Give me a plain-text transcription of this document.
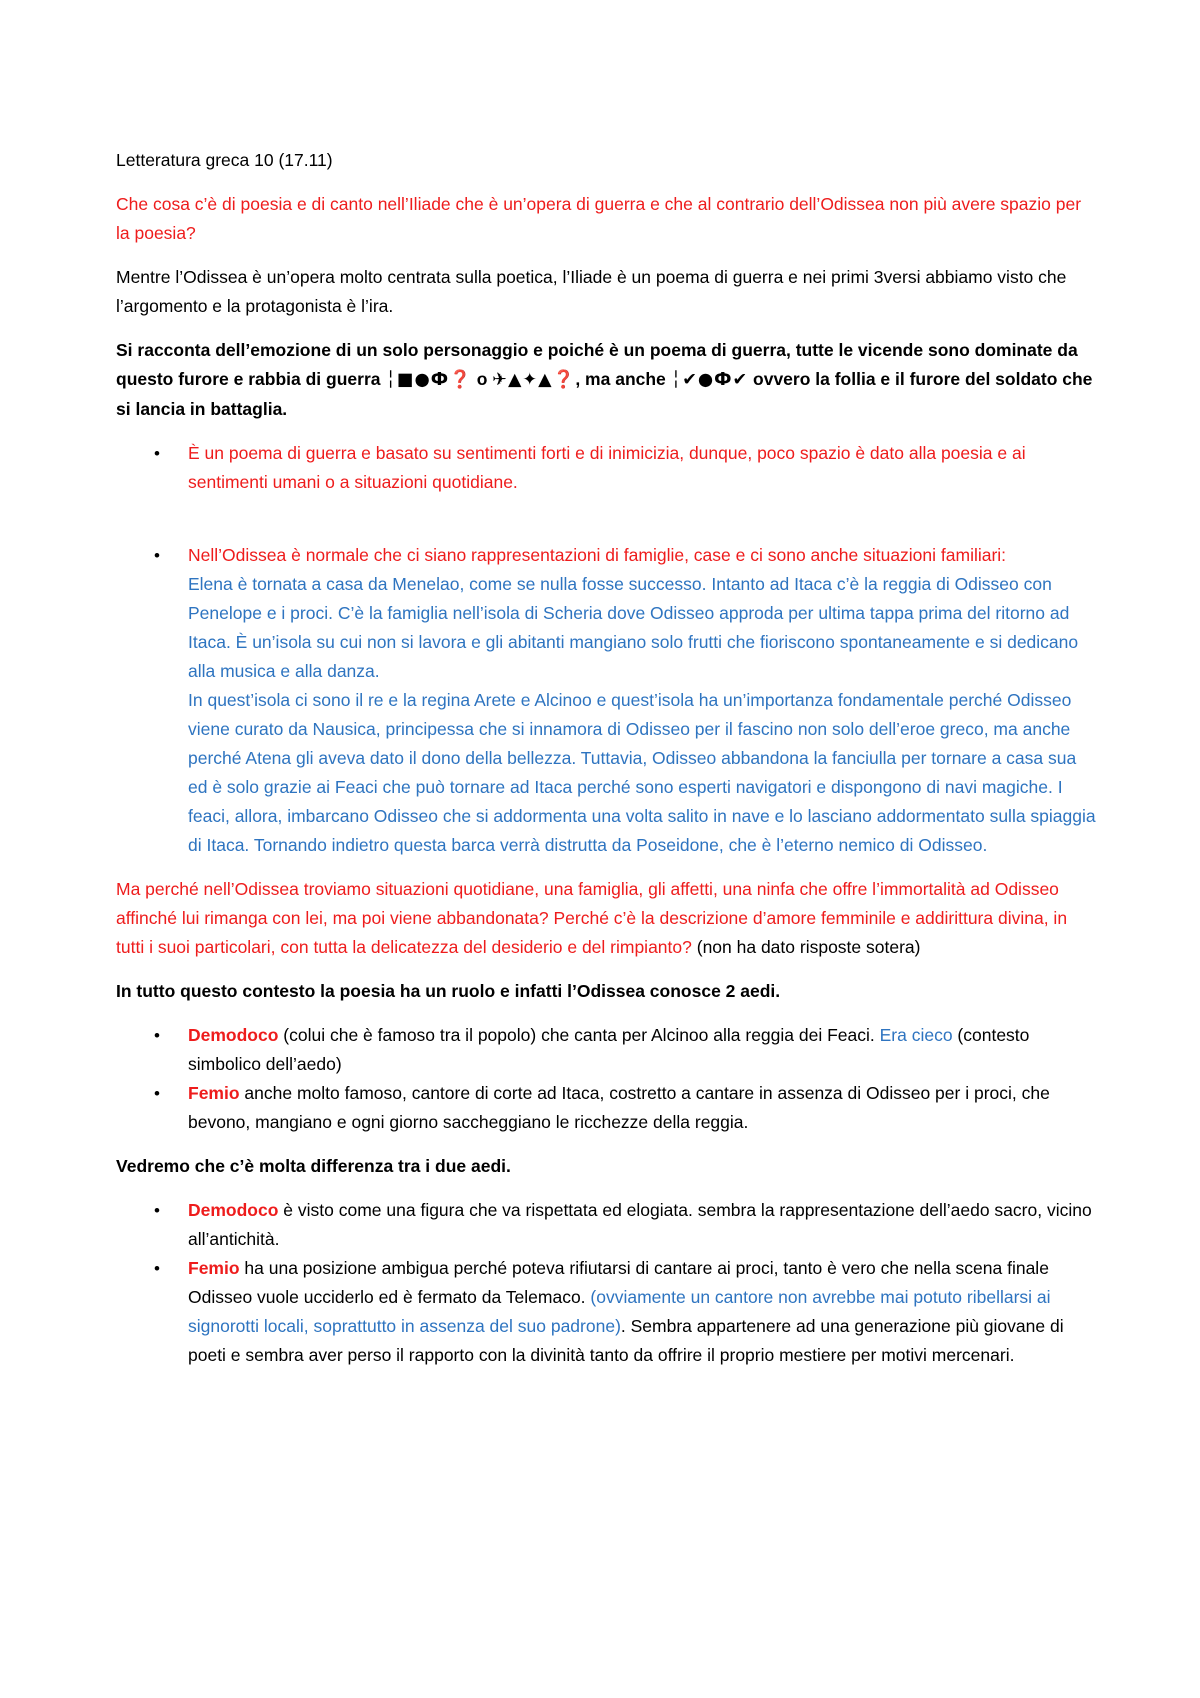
Letteratura greca 10 (17.11)

Che cosa c’è di poesia e di canto nell’Iliade che è un’opera di guerra e che al contrario dell’Odissea non più avere spazio per la poesia?

Mentre l’Odissea è un’opera molto centrata sulla poetica, l’Iliade è un poema di guerra e nei primi 3versi abbiamo visto che l’argomento e la protagonista è l’ira.

Si racconta dell’emozione di un solo personaggio e poiché è un poema di guerra, tutte le vicende sono dominate da questo furore e rabbia di guerra ╎■●Ф❓ o ✈▲✦▲❓, ma anche ╎✔●Ф✔ ovvero la follia e il furore del soldato che si lancia in battaglia.

• È un poema di guerra e basato su sentimenti forti e di inimicizia, dunque, poco spazio è dato alla poesia e ai sentimenti umani o a situazioni quotidiane.
• Nell’Odissea è normale che ci siano rappresentazioni di famiglie, case e ci sono anche situazioni familiari:
Elena è tornata a casa da Menelao, come se nulla fosse successo. Intanto ad Itaca c’è la reggia di Odisseo con Penelope e i proci. C’è la famiglia nell’isola di Scheria dove Odisseo approda per ultima tappa prima del ritorno ad Itaca. È un’isola su cui non si lavora e gli abitanti mangiano solo frutti che fioriscono spontaneamente e si dedicano alla musica e alla danza.
In quest’isola ci sono il re e la regina Arete e Alcinoo e quest’isola ha un’importanza fondamentale perché Odisseo viene curato da Nausica, principessa che si innamora di Odisseo per il fascino non solo dell’eroe greco, ma anche perché Atena gli aveva dato il dono della bellezza. Tuttavia, Odisseo abbandona la fanciulla per tornare a casa sua ed è solo grazie ai Feaci che può tornare ad Itaca perché sono esperti navigatori e dispongono di navi magiche. I feaci, allora, imbarcano Odisseo che si addormenta una volta salito in nave e lo lasciano addormentato sulla spiaggia di Itaca. Tornando indietro questa barca verrà distrutta da Poseidone, che è l’eterno nemico di Odisseo.

Ma perché nell’Odissea troviamo situazioni quotidiane, una famiglia, gli affetti, una ninfa che offre l’immortalità ad Odisseo affinché lui rimanga con lei, ma poi viene abbandonata? Perché c’è la descrizione d’amore femminile e addirittura divina, in tutti i suoi particolari, con tutta la delicatezza del desiderio e del rimpianto? (non ha dato risposte sotera)

In tutto questo contesto la poesia ha un ruolo e infatti l’Odissea conosce 2 aedi.

• Demodoco (colui che è famoso tra il popolo) che canta per Alcinoo alla reggia dei Feaci. Era cieco (contesto simbolico dell’aedo)
• Femio anche molto famoso, cantore di corte ad Itaca, costretto a cantare in assenza di Odisseo per i proci, che bevono, mangiano e ogni giorno saccheggiano le ricchezze della reggia.

Vedremo che c’è molta differenza tra i due aedi.

• Demodoco è visto come una figura che va rispettata ed elogiata. sembra la rappresentazione dell’aedo sacro, vicino all’antichità.
• Femio ha una posizione ambigua perché poteva rifiutarsi di cantare ai proci, tanto è vero che nella scena finale Odisseo vuole ucciderlo ed è fermato da Telemaco. (ovviamente un cantore non avrebbe mai potuto ribellarsi ai signorotti locali, soprattutto in assenza del suo padrone). Sembra appartenere ad una generazione più giovane di poeti e sembra aver perso il rapporto con la divinità tanto da offrire il proprio mestiere per motivi mercenari.
